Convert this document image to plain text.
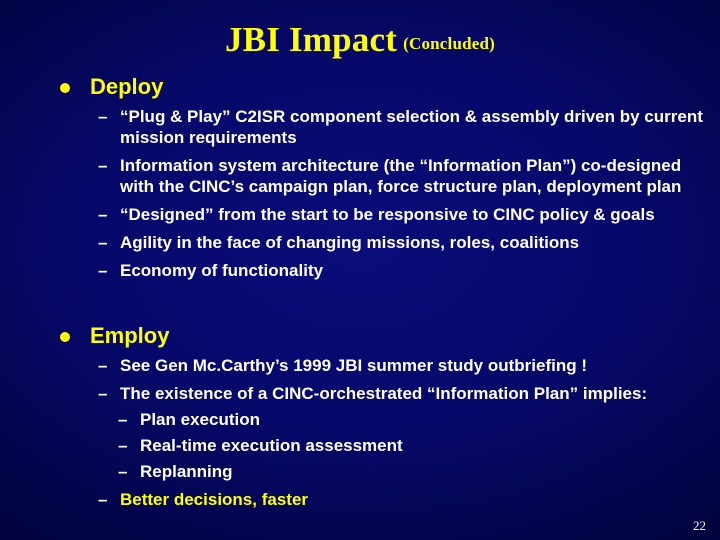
JBI Impact (Concluded)
Deploy
– “Plug & Play” C2ISR component selection & assembly driven by current mission requirements
– Information system architecture (the “Information Plan”) co-designed with the CINC’s campaign plan, force structure plan, deployment plan
– “Designed” from the start to be responsive to CINC policy & goals
– Agility in the face of changing missions, roles, coalitions
– Economy of functionality
Employ
– See Gen Mc.Carthy’s 1999 JBI summer study outbriefing !
– The existence of a CINC-orchestrated “Information Plan” implies:
– Plan execution
– Real-time execution assessment
– Replanning
– Better decisions, faster
22
